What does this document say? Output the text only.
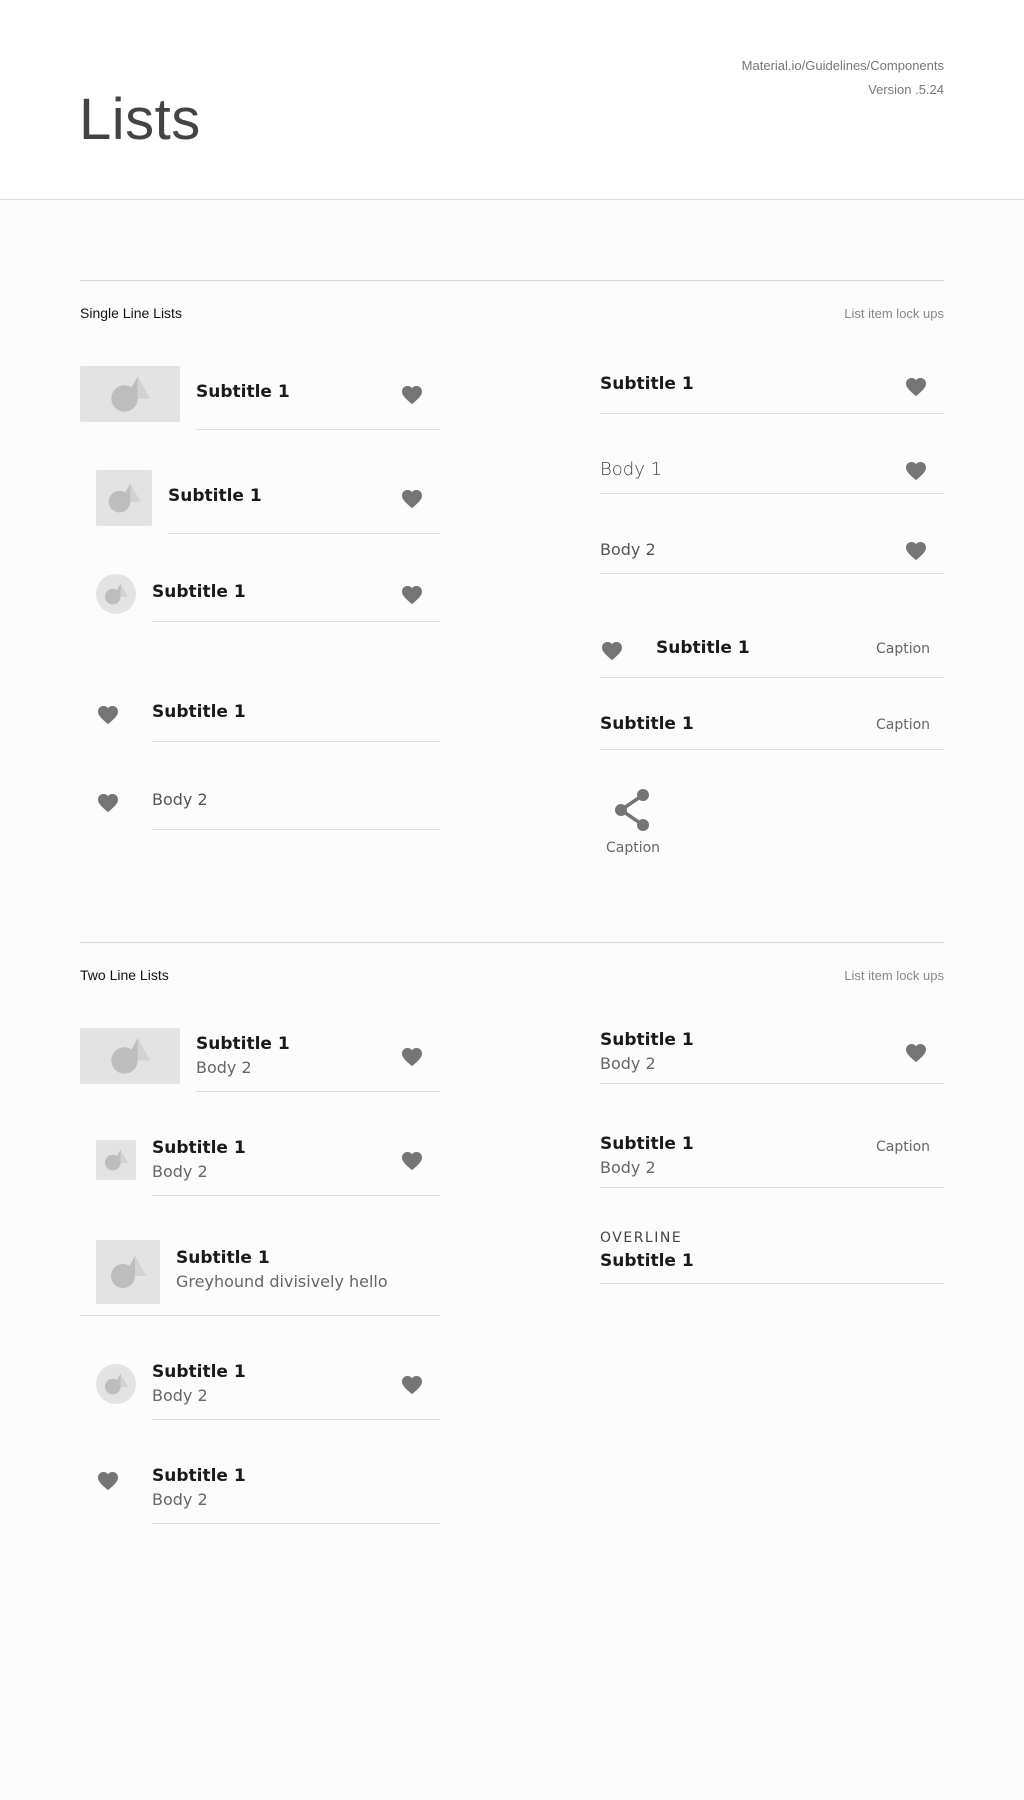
Lists
Material.io/Guidelines/Components
Version .5.24
Single Line Lists	List item lock ups
Subtitle 1
Subtitle 1
Subtitle 1
Subtitle 1
Body 2
Subtitle 1
Body 1
Body 2
Subtitle 1	Caption
Subtitle 1	Caption
Caption
Two Line Lists	List item lock ups
Subtitle 1
Body 2
Subtitle 1
Body 2
Subtitle 1
Greyhound divisively hello
Subtitle 1
Body 2
Subtitle 1
Body 2
Subtitle 1
Body 2
Subtitle 1
Body 2
Caption
OVERLINE
Subtitle 1
